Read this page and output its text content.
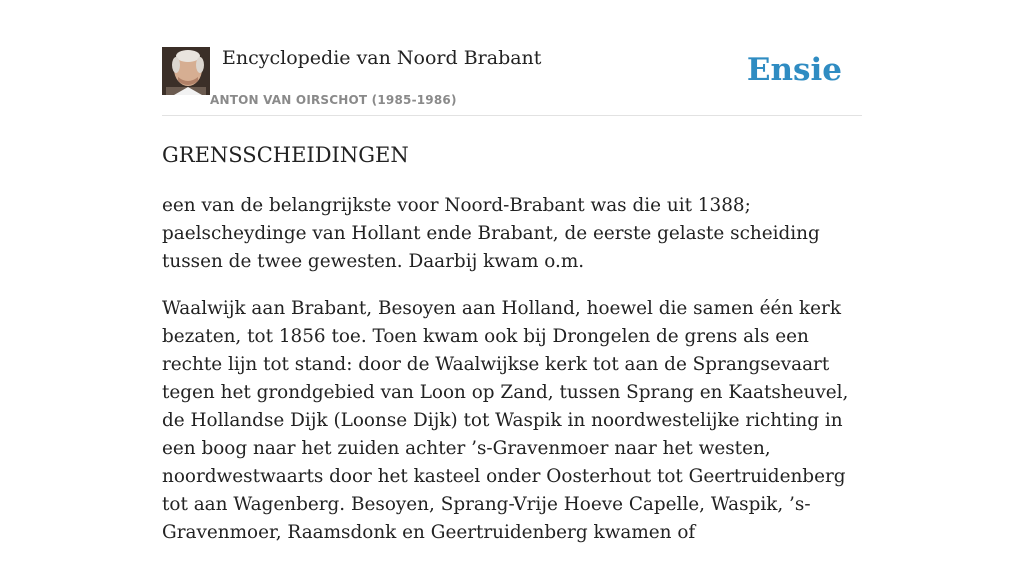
Encyclopedie van Noord Brabant
ANTON VAN OIRSCHOT (1985-1986)
Ensie
GRENSSCHEIDINGEN

een van de belangrijkste voor Noord-Brabant was die uit 1388; paelscheydinge van Hollant ende Brabant, de eerste gelaste scheiding tussen de twee gewesten. Daarbij kwam o.m.

Waalwijk aan Brabant, Besoyen aan Holland, hoewel die samen één kerk bezaten, tot 1856 toe. Toen kwam ook bij Drongelen de grens als een rechte lijn tot stand: door de Waalwijkse kerk tot aan de Sprangsevaart tegen het grondgebied van Loon op Zand, tussen Sprang en Kaatsheuvel, de Hollandse Dijk (Loonse Dijk) tot Waspik in noordwestelijke richting in een boog naar het zuiden achter ’s-Gravenmoer naar het westen, noordwestwaarts door het kasteel onder Oosterhout tot Geertruidenberg tot aan Wagenberg. Besoyen, Sprang-Vrije Hoeve Capelle, Waspik, ’s-Gravenmoer, Raamsdonk en Geertruidenberg kwamen of
